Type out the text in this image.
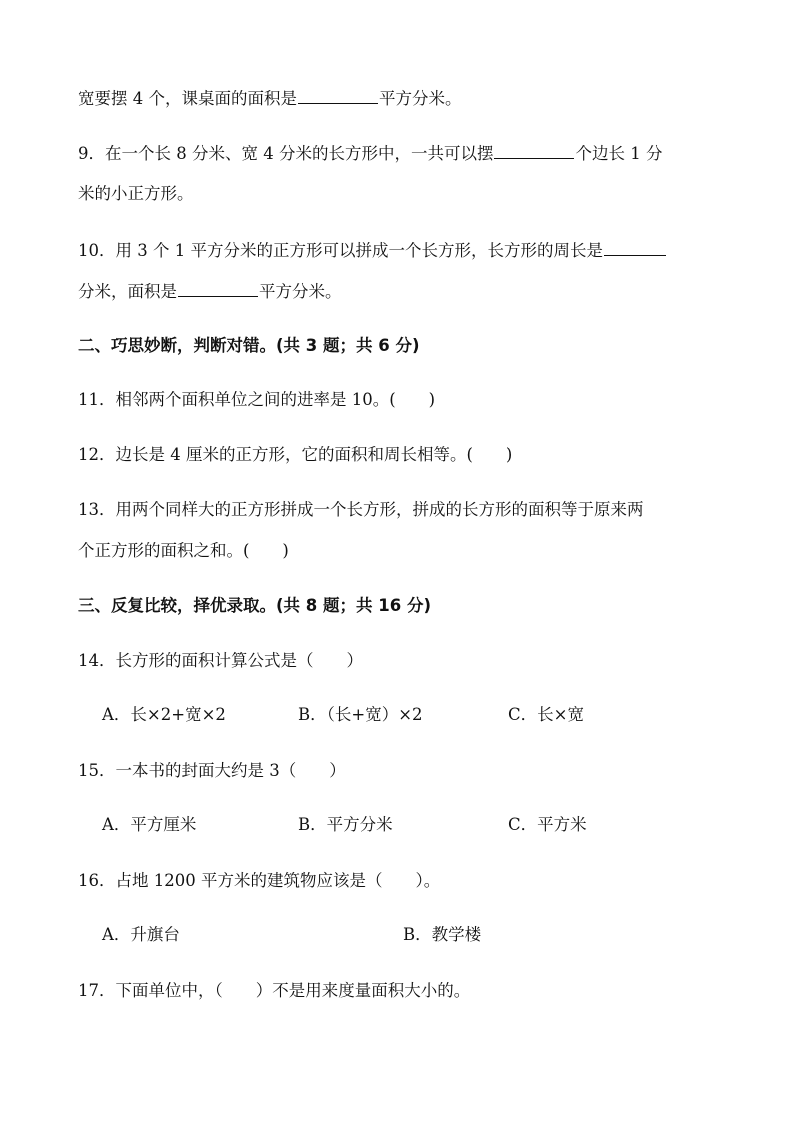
宽要摆 4 个，课桌面的面积是	平方分米。
9．在一个长 8 分米、宽 4 分米的长方形中，一共可以摆	个边长 1 分
米的小正方形。
10．用 3 个 1 平方分米的正方形可以拼成一个长方形，长方形的周长是
分米，面积是	平方分米。
二、巧思妙断，判断对错。(共 3 题；共 6 分)
11．相邻两个面积单位之间的进率是 10。(　　)
12．边长是 4 厘米的正方形，它的面积和周长相等。(　　)
13．用两个同样大的正方形拼成一个长方形，拼成的长方形的面积等于原来两
个正方形的面积之和。(　　)
三、反复比较，择优录取。(共 8 题；共 16 分)
14．长方形的面积计算公式是（　　）
A．长×2+宽×2	B．（长+宽）×2	C．长×宽
15．一本书的封面大约是 3（　　）
A．平方厘米	B．平方分米	C．平方米
16．占地 1200 平方米的建筑物应该是（　　）。
A．升旗台	B．教学楼
17．下面单位中，（　　）不是用来度量面积大小的。
